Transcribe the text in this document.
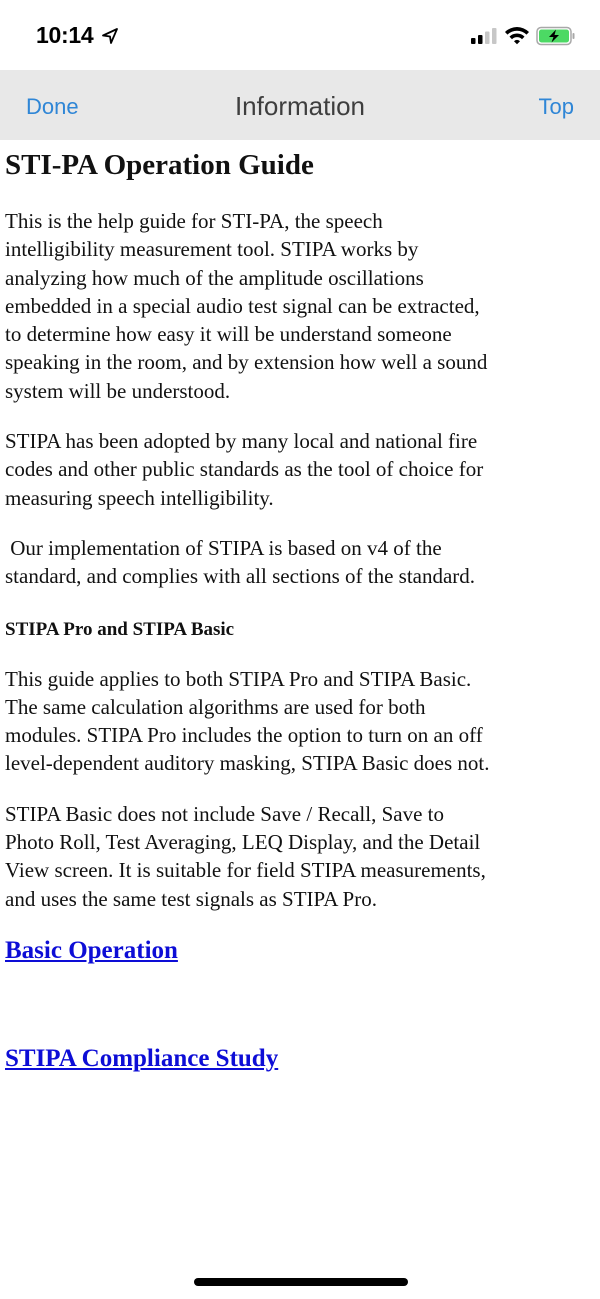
10:14
Done	Information	Top
STI-PA Operation Guide

This is the help guide for STI-PA, the speech intelligibility measurement tool. STIPA works by analyzing how much of the amplitude oscillations embedded in a special audio test signal can be extracted, to determine how easy it will be understand someone speaking in the room, and by extension how well a sound system will be understood.

STIPA has been adopted by many local and national fire codes and other public standards as the tool of choice for measuring speech intelligibility.

Our implementation of STIPA is based on v4 of the standard, and complies with all sections of the standard.

STIPA Pro and STIPA Basic

This guide applies to both STIPA Pro and STIPA Basic. The same calculation algorithms are used for both modules. STIPA Pro includes the option to turn on an off level-dependent auditory masking, STIPA Basic does not.

STIPA Basic does not include Save / Recall, Save to Photo Roll, Test Averaging, LEQ Display, and the Detail View screen. It is suitable for field STIPA measurements, and uses the same test signals as STIPA Pro.

Basic Operation
STIPA Compliance Study
